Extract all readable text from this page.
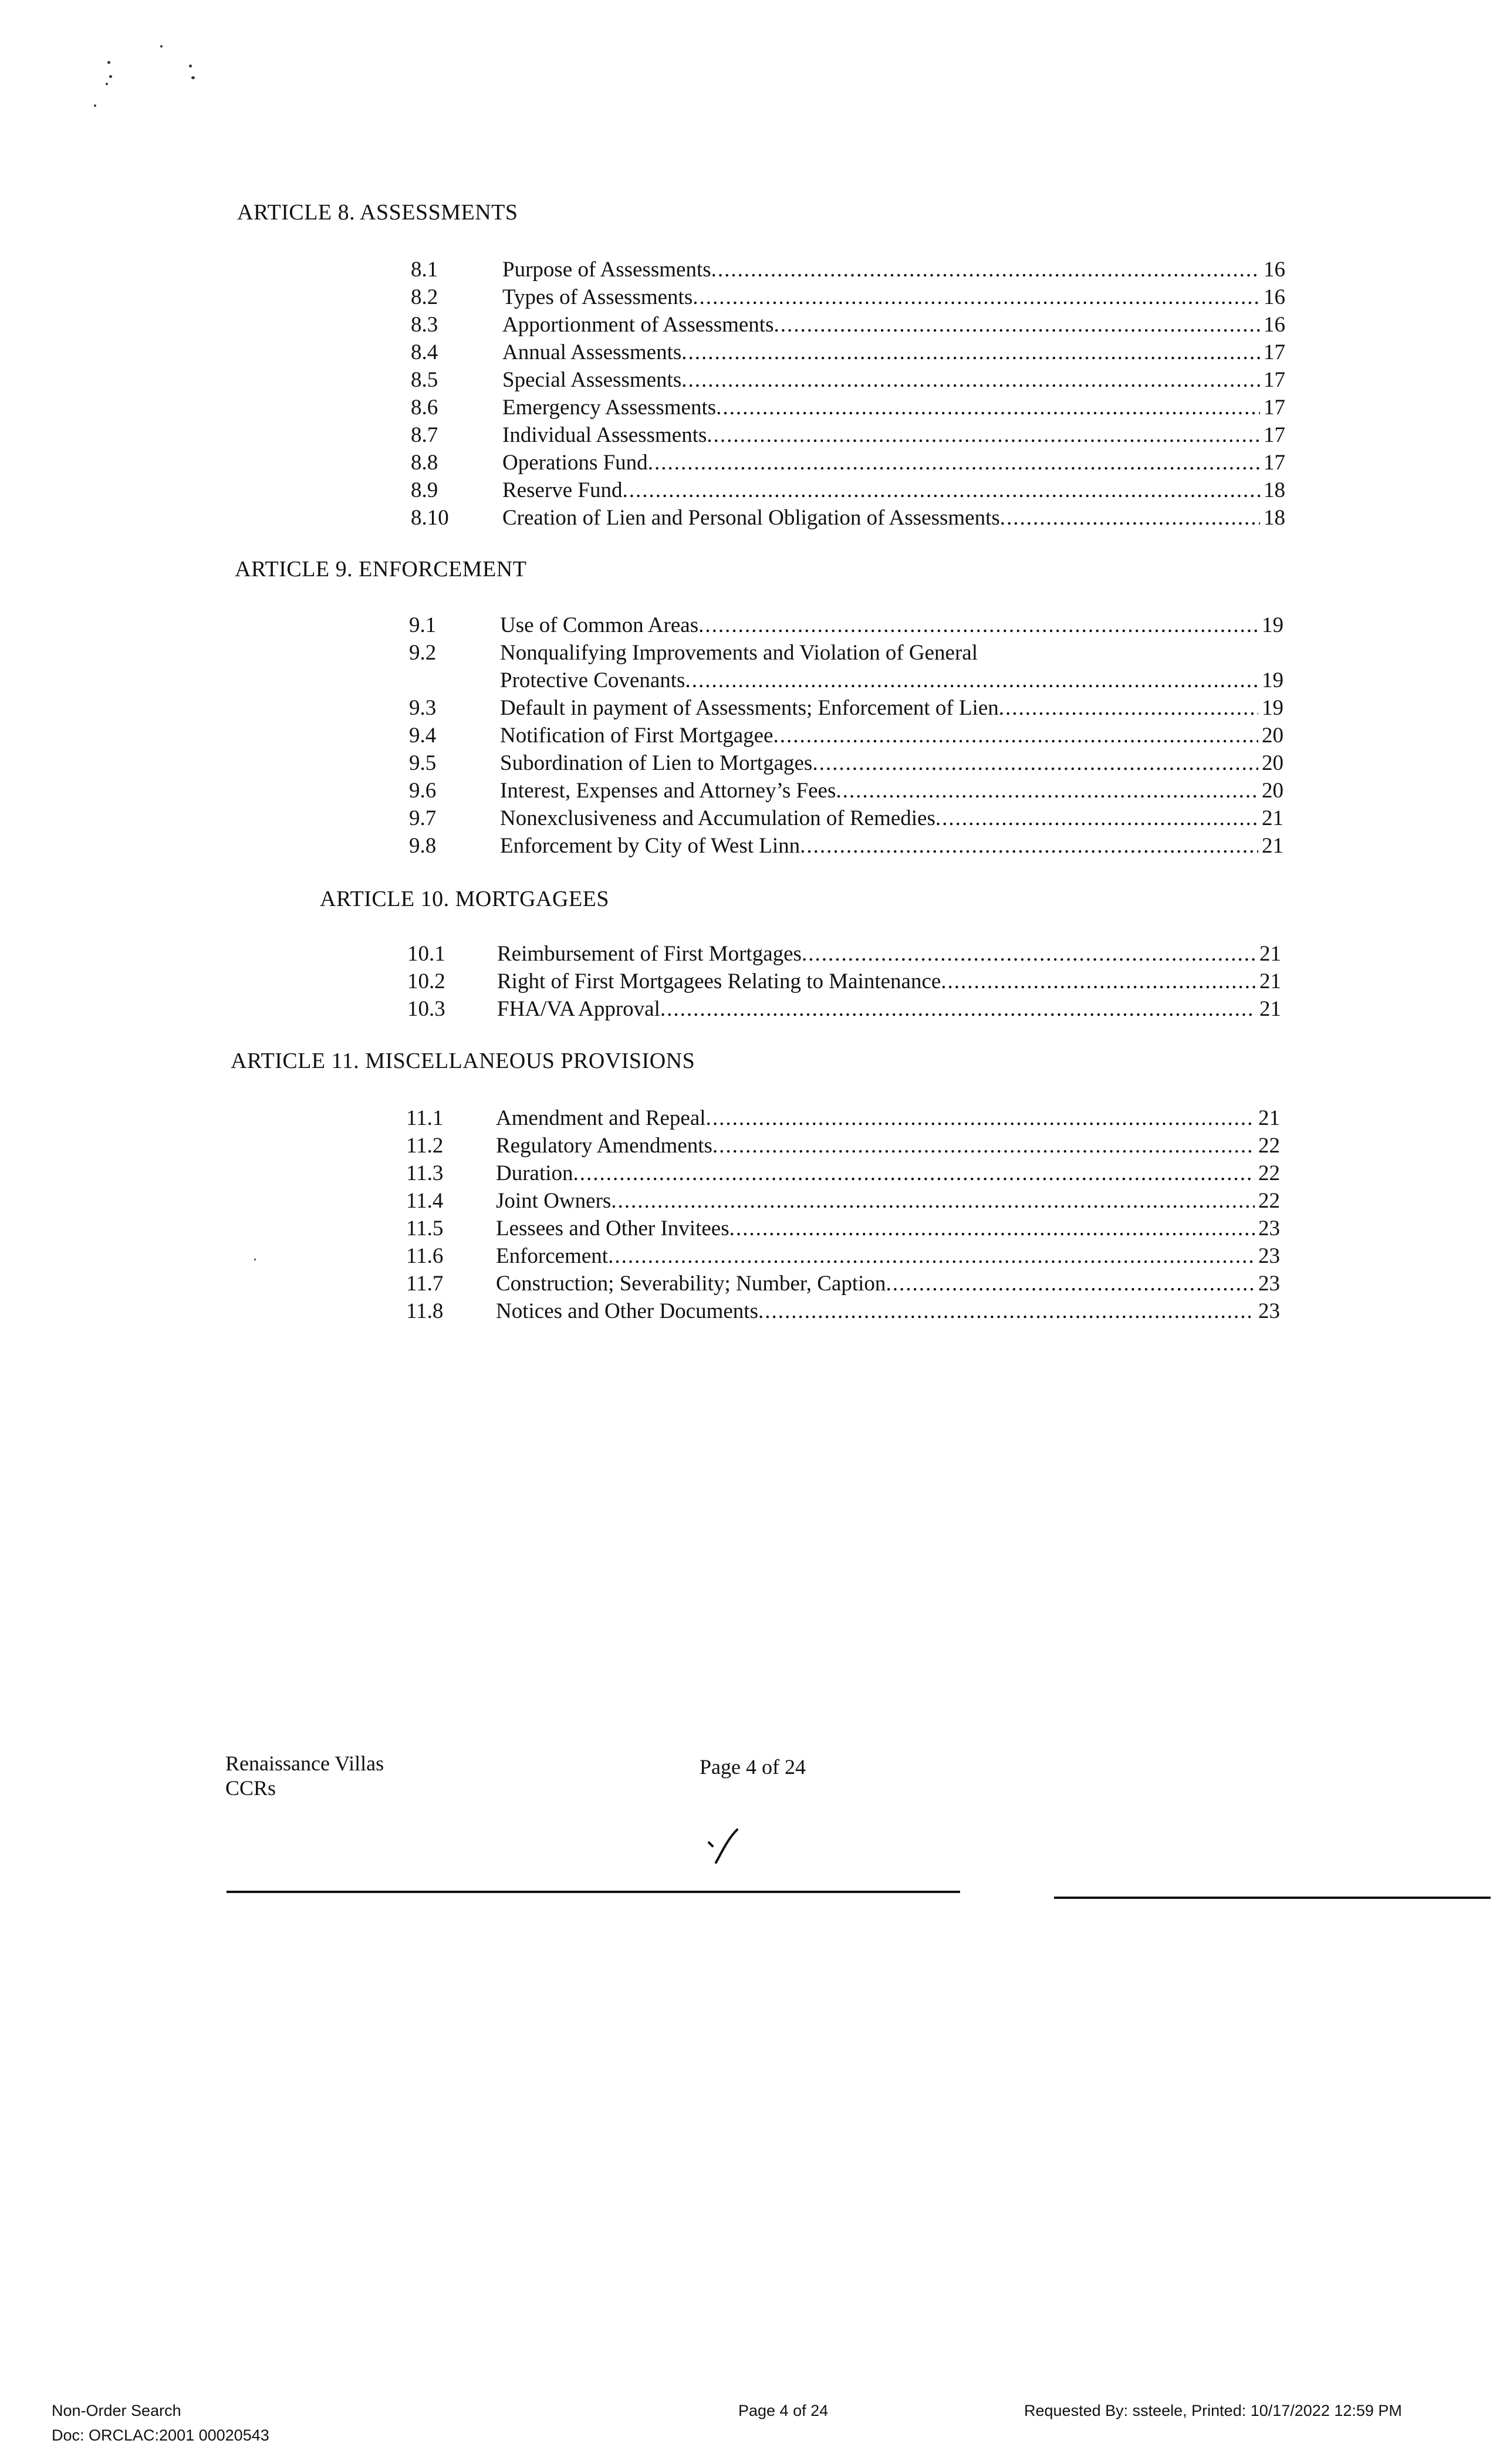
ARTICLE 8. ASSESSMENTS
8.1	Purpose of Assessments .....	16
8.2	Types of Assessments .....	16
8.3	Apportionment of Assessments .....	16
8.4	Annual Assessments .....	17
8.5	Special Assessments .....	17
8.6	Emergency Assessments .....	17
8.7	Individual Assessments .....	17
8.8	Operations Fund .....	17
8.9	Reserve Fund .....	18
8.10 Creation of Lien and Personal Obligation of Assessments .....	18
ARTICLE 9. ENFORCEMENT
9.1	Use of Common Areas .....	19
9.2	Nonqualifying Improvements and Violation of General
Protective Covenants .....	19
9.3	Default in payment of Assessments; Enforcement of Lien .....	19
9.4	Notification of First Mortgagee .....	20
9.5	Subordination of Lien to Mortgages .....	20
9.6	Interest, Expenses and Attorney’s Fees .....	20
9.7	Nonexclusiveness and Accumulation of Remedies .....	21
9.8	Enforcement by City of West Linn .....	21
ARTICLE 10. MORTGAGEES
10.1 Reimbursement of First Mortgages .....	21
10.2 Right of First Mortgagees Relating to Maintenance .....	21
10.3 FHA/VA Approval .....	21
ARTICLE 11. MISCELLANEOUS PROVISIONS
11.1 Amendment and Repeal .....	21
11.2 Regulatory Amendments .....	22
11.3 Duration .....	22
11.4 Joint Owners .....	22
11.5 Lessees and Other Invitees .....	23
11.6 Enforcement .....	23
11.7 Construction; Severability; Number, Caption .....	23
11.8 Notices and Other Documents .....	23
Renaissance Villas
CCRs
Page 4 of 24
Non-Order Search
Doc: ORCLAC:2001 00020543
Page 4 of 24	Requested By: ssteele, Printed: 10/17/2022 12:59 PM
